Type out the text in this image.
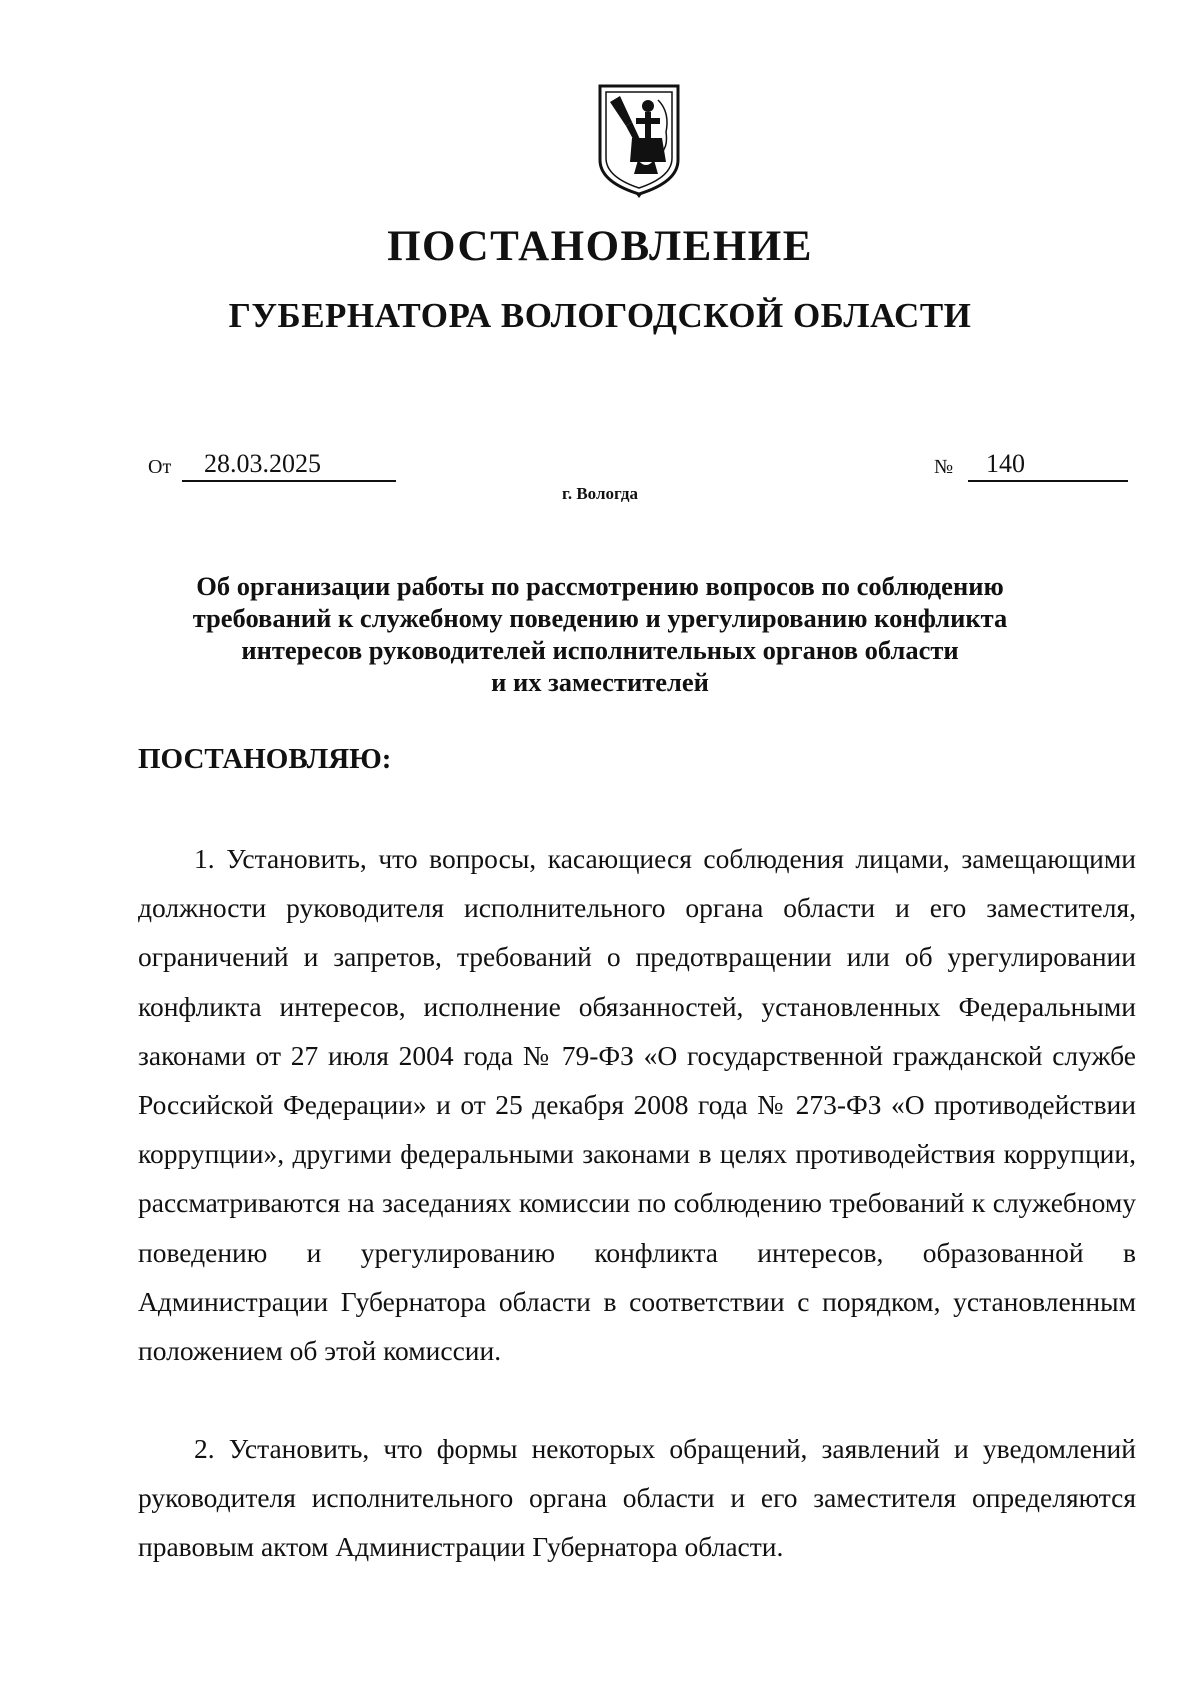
ПОСТАНОВЛЕНИЕ
ГУБЕРНАТОРА ВОЛОГОДСКОЙ ОБЛАСТИ
От	28.03.2025	№	140
г. Вологда
Об организации работы по рассмотрению вопросов по соблюдению
требований к служебному поведению и урегулированию конфликта
интересов руководителей исполнительных органов области
и их заместителей
ПОСТАНОВЛЯЮ:

1. Установить, что вопросы, касающиеся соблюдения лицами, замещающими должности руководителя исполнительного органа области и его заместителя, ограничений и запретов, требований о предотвращении или об урегулировании конфликта интересов, исполнение обязанностей, установленных Федеральными законами от 27 июля 2004 года № 79-ФЗ «О государственной гражданской службе Российской Федерации» и от 25 декабря 2008 года № 273-ФЗ «О противодействии коррупции», другими федеральными законами в целях противодействия коррупции, рассматриваются на заседаниях комиссии по соблюдению требований к служебному поведению и урегулированию конфликта интересов, образованной в Администрации Губернатора области в соответствии с порядком, установленным положением об этой комиссии.

2. Установить, что формы некоторых обращений, заявлений и уведомлений руководителя исполнительного органа области и его заместителя определяются правовым актом Администрации Губернатора области.
